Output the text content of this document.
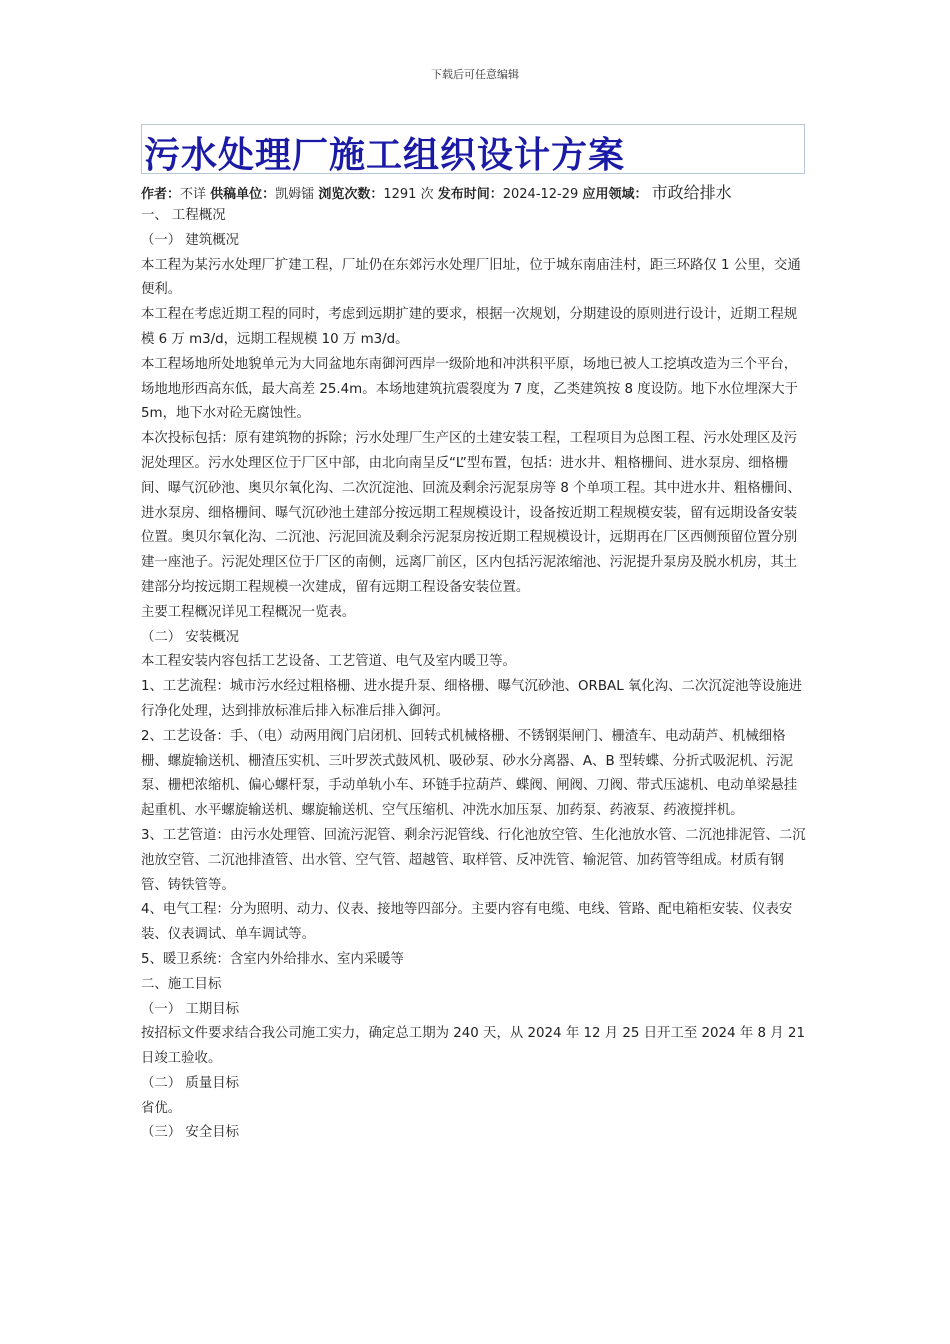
下载后可任意编辑
污水处理厂施工组织设计方案
作者：不详 供稿单位：凯姆镭 浏览次数：1291 次 发布时间：2024-12-29 应用领域： 市政给排水

一、 工程概况

（一） 建筑概况

本工程为某污水处理厂扩建工程，厂址仍在东郊污水处理厂旧址，位于城东南庙洼村，距三环路仅 1 公里，交通便利。

本工程在考虑近期工程的同时，考虑到远期扩建的要求，根据一次规划，分期建设的原则进行设计，近期工程规模 6 万 m3/d，远期工程规模 10 万 m3/d。

本工程场地所处地貌单元为大同盆地东南御河西岸一级阶地和冲洪积平原，场地已被人工挖填改造为三个平台，场地地形西高东低，最大高差 25.4m。本场地建筑抗震裂度为 7 度，乙类建筑按 8 度设防。地下水位埋深大于 5m，地下水对砼无腐蚀性。

本次投标包括：原有建筑物的拆除；污水处理厂生产区的土建安装工程，工程项目为总图工程、污水处理区及污泥处理区。污水处理区位于厂区中部，由北向南呈反“L”型布置，包括：进水井、粗格栅间、进水泵房、细格栅间、曝气沉砂池、奥贝尔氧化沟、二次沉淀池、回流及剩余污泥泵房等 8 个单项工程。其中进水井、粗格栅间、进水泵房、细格栅间、曝气沉砂池土建部分按远期工程规模设计，设备按近期工程规模安装，留有远期设备安装位置。奥贝尔氧化沟、二沉池、污泥回流及剩余污泥泵房按近期工程规模设计，远期再在厂区西侧预留位置分别建一座池子。污泥处理区位于厂区的南侧，远离厂前区，区内包括污泥浓缩池、污泥提升泵房及脱水机房，其土建部分均按远期工程规模一次建成，留有远期工程设备安装位置。

主要工程概况详见工程概况一览表。

（二） 安装概况

本工程安装内容包括工艺设备、工艺管道、电气及室内暖卫等。

1、工艺流程：城市污水经过粗格栅、进水提升泵、细格栅、曝气沉砂池、ORBAL 氧化沟、二次沉淀池等设施进行净化处理，达到排放标准后排入标准后排入御河。

2、工艺设备：手、（电）动两用阀门启闭机、回转式机械格栅、不锈钢渠闸门、栅渣车、电动葫芦、机械细格栅、螺旋输送机、栅渣压实机、三叶罗茨式鼓风机、吸砂泵、砂水分离器、A、B 型转蝶、分折式吸泥机、污泥泵、栅杷浓缩机、偏心螺杆泵，手动单轨小车、环链手拉葫芦、蝶阀、闸阀、刀阀、带式压滤机、电动单梁悬挂起重机、水平螺旋输送机、螺旋输送机、空气压缩机、冲洗水加压泵、加药泵、药液泵、药液搅拌机。

3、工艺管道：由污水处理管、回流污泥管、剩余污泥管线、行化池放空管、生化池放水管、二沉池排泥管、二沉池放空管、二沉池排渣管、出水管、空气管、超越管、取样管、反冲洗管、输泥管、加药管等组成。材质有钢管、铸铁管等。

4、电气工程：分为照明、动力、仪表、接地等四部分。主要内容有电缆、电线、管路、配电箱柜安装、仪表安装、仪表调试、单车调试等。

5、暖卫系统：含室内外给排水、室内采暖等

二、施工目标

（一） 工期目标

按招标文件要求结合我公司施工实力，确定总工期为 240 天，从 2024 年 12 月 25 日开工至 2024 年 8 月 21 日竣工验收。

（二） 质量目标

省优。

（三） 安全目标
